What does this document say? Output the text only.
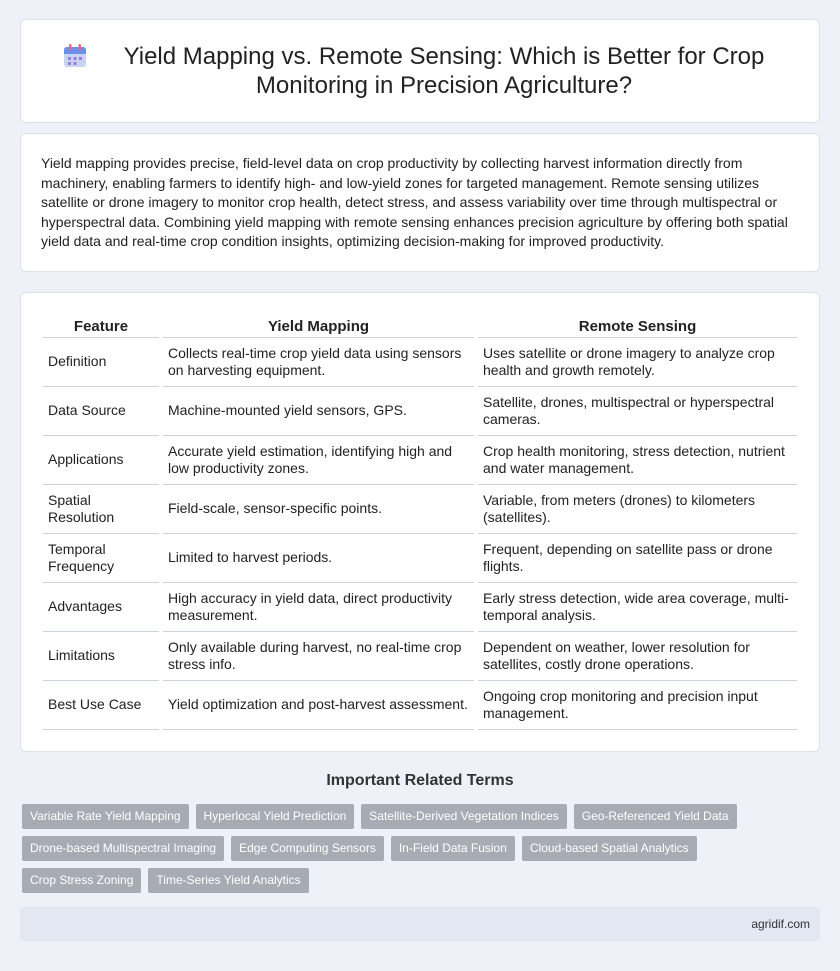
Yield Mapping vs. Remote Sensing: Which is Better for Crop Monitoring in Precision Agriculture?

Yield mapping provides precise, field-level data on crop productivity by collecting harvest information directly from machinery, enabling farmers to identify high- and low-yield zones for targeted management. Remote sensing utilizes satellite or drone imagery to monitor crop health, detect stress, and assess variability over time through multispectral or hyperspectral data. Combining yield mapping with remote sensing enhances precision agriculture by offering both spatial yield data and real-time crop condition insights, optimizing decision-making for improved productivity.

Feature	Yield Mapping	Remote Sensing
Definition	Collects real-time crop yield data using sensors on harvesting equipment.	Uses satellite or drone imagery to analyze crop health and growth remotely.
Data Source	Machine-mounted yield sensors, GPS.	Satellite, drones, multispectral or hyperspectral cameras.
Applications	Accurate yield estimation, identifying high and low productivity zones.	Crop health monitoring, stress detection, nutrient and water management.
Spatial Resolution	Field-scale, sensor-specific points.	Variable, from meters (drones) to kilometers (satellites).
Temporal Frequency	Limited to harvest periods.	Frequent, depending on satellite pass or drone flights.
Advantages	High accuracy in yield data, direct productivity measurement.	Early stress detection, wide area coverage, multi-temporal analysis.
Limitations	Only available during harvest, no real-time crop stress info.	Dependent on weather, lower resolution for satellites, costly drone operations.
Best Use Case	Yield optimization and post-harvest assessment.	Ongoing crop monitoring and precision input management.
Important Related Terms
Variable Rate Yield Mapping	Hyperlocal Yield Prediction	Satellite-Derived Vegetation Indices	Geo-Referenced Yield Data
Drone-based Multispectral Imaging	Edge Computing Sensors	In-Field Data Fusion	Cloud-based Spatial Analytics
Crop Stress Zoning	Time-Series Yield Analytics
agridif.com
